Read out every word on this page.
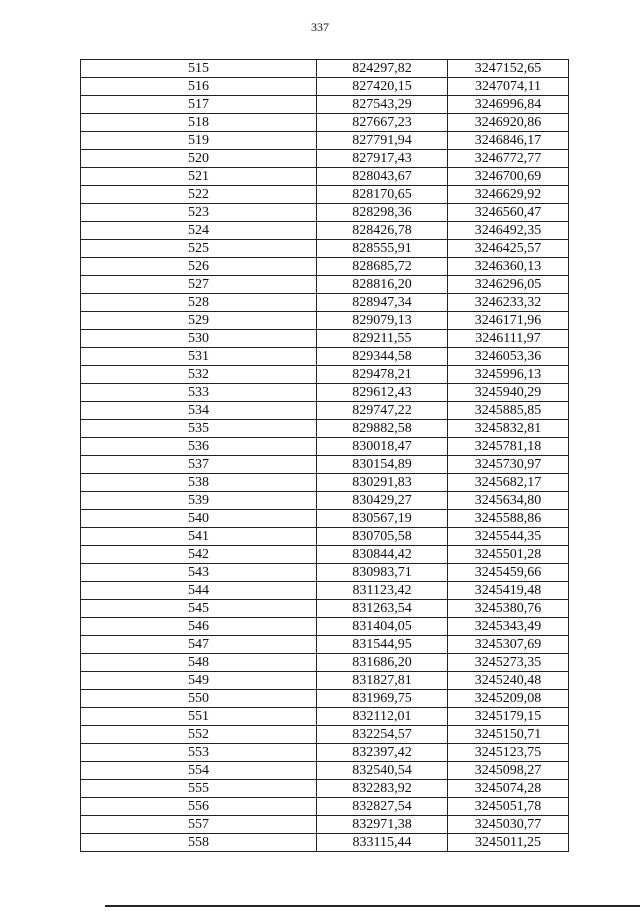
337
515	824297,82	3247152,65
516	827420,15	3247074,11
517	827543,29	3246996,84
518	827667,23	3246920,86
519	827791,94	3246846,17
520	827917,43	3246772,77
521	828043,67	3246700,69
522	828170,65	3246629,92
523	828298,36	3246560,47
524	828426,78	3246492,35
525	828555,91	3246425,57
526	828685,72	3246360,13
527	828816,20	3246296,05
528	828947,34	3246233,32
529	829079,13	3246171,96
530	829211,55	3246111,97
531	829344,58	3246053,36
532	829478,21	3245996,13
533	829612,43	3245940,29
534	829747,22	3245885,85
535	829882,58	3245832,81
536	830018,47	3245781,18
537	830154,89	3245730,97
538	830291,83	3245682,17
539	830429,27	3245634,80
540	830567,19	3245588,86
541	830705,58	3245544,35
542	830844,42	3245501,28
543	830983,71	3245459,66
544	831123,42	3245419,48
545	831263,54	3245380,76
546	831404,05	3245343,49
547	831544,95	3245307,69
548	831686,20	3245273,35
549	831827,81	3245240,48
550	831969,75	3245209,08
551	832112,01	3245179,15
552	832254,57	3245150,71
553	832397,42	3245123,75
554	832540,54	3245098,27
555	832283,92	3245074,28
556	832827,54	3245051,78
557	832971,38	3245030,77
558	833115,44	3245011,25
